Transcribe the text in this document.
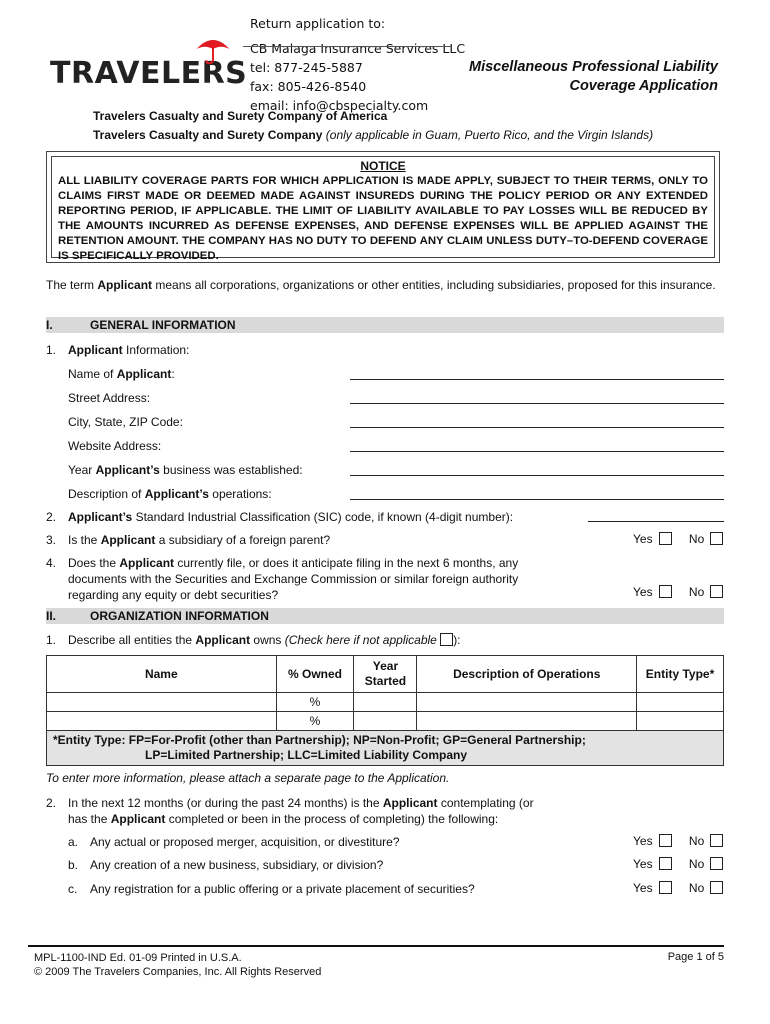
TRAVELERS
Return application to:
CB Malaga Insurance Services LLC
tel: 877-245-5887
fax: 805-426-8540
email: info@cbspecialty.com
Miscellaneous Professional Liability
Coverage Application
Travelers Casualty and Surety Company of America
Travelers Casualty and Surety Company (only applicable in Guam, Puerto Rico, and the Virgin Islands)
NOTICE
ALL LIABILITY COVERAGE PARTS FOR WHICH APPLICATION IS MADE APPLY, SUBJECT TO THEIR TERMS, ONLY TO CLAIMS FIRST MADE OR DEEMED MADE AGAINST INSUREDS DURING THE POLICY PERIOD OR ANY EXTENDED REPORTING PERIOD, IF APPLICABLE. THE LIMIT OF LIABILITY AVAILABLE TO PAY LOSSES WILL BE REDUCED BY THE AMOUNTS INCURRED AS DEFENSE EXPENSES, AND DEFENSE EXPENSES WILL BE APPLIED AGAINST THE RETENTION AMOUNT. THE COMPANY HAS NO DUTY TO DEFEND ANY CLAIM UNLESS DUTY–TO-DEFEND COVERAGE IS SPECIFICALLY PROVIDED.
The term Applicant means all corporations, organizations or other entities, including subsidiaries, proposed for this insurance.
I.	GENERAL INFORMATION
1. Applicant Information:
Name of Applicant:
Street Address:
City, State, ZIP Code:
Website Address:
Year Applicant’s business was established:
Description of Applicant’s operations:
2. Applicant’s Standard Industrial Classification (SIC) code, if known (4-digit number):
3. Is the Applicant a subsidiary of a foreign parent?	Yes	No
4. Does the Applicant currently file, or does it anticipate filing in the next 6 months, any
documents with the Securities and Exchange Commission or similar foreign authority
regarding any equity or debt securities?	Yes	No
II.	ORGANIZATION INFORMATION
1. Describe all entities the Applicant owns (Check here if not applicable ):
Name	% Owned	Year Started	Description of Operations	Entity Type*
	%			
	%			

*Entity Type: FP=For-Profit (other than Partnership); NP=Non-Profit; GP=General Partnership;
LP=Limited Partnership; LLC=Limited Liability Company				
To enter more information, please attach a separate page to the Application.
2. In the next 12 months (or during the past 24 months) is the Applicant contemplating (or
has the Applicant completed or been in the process of completing) the following:
a. Any actual or proposed merger, acquisition, or divestiture?	Yes	No
b. Any creation of a new business, subsidiary, or division?	Yes	No
c. Any registration for a public offering or a private placement of securities?	Yes	No
MPL-1100-IND Ed. 01-09 Printed in U.S.A.
© 2009 The Travelers Companies, Inc. All Rights Reserved
Page 1 of 5
